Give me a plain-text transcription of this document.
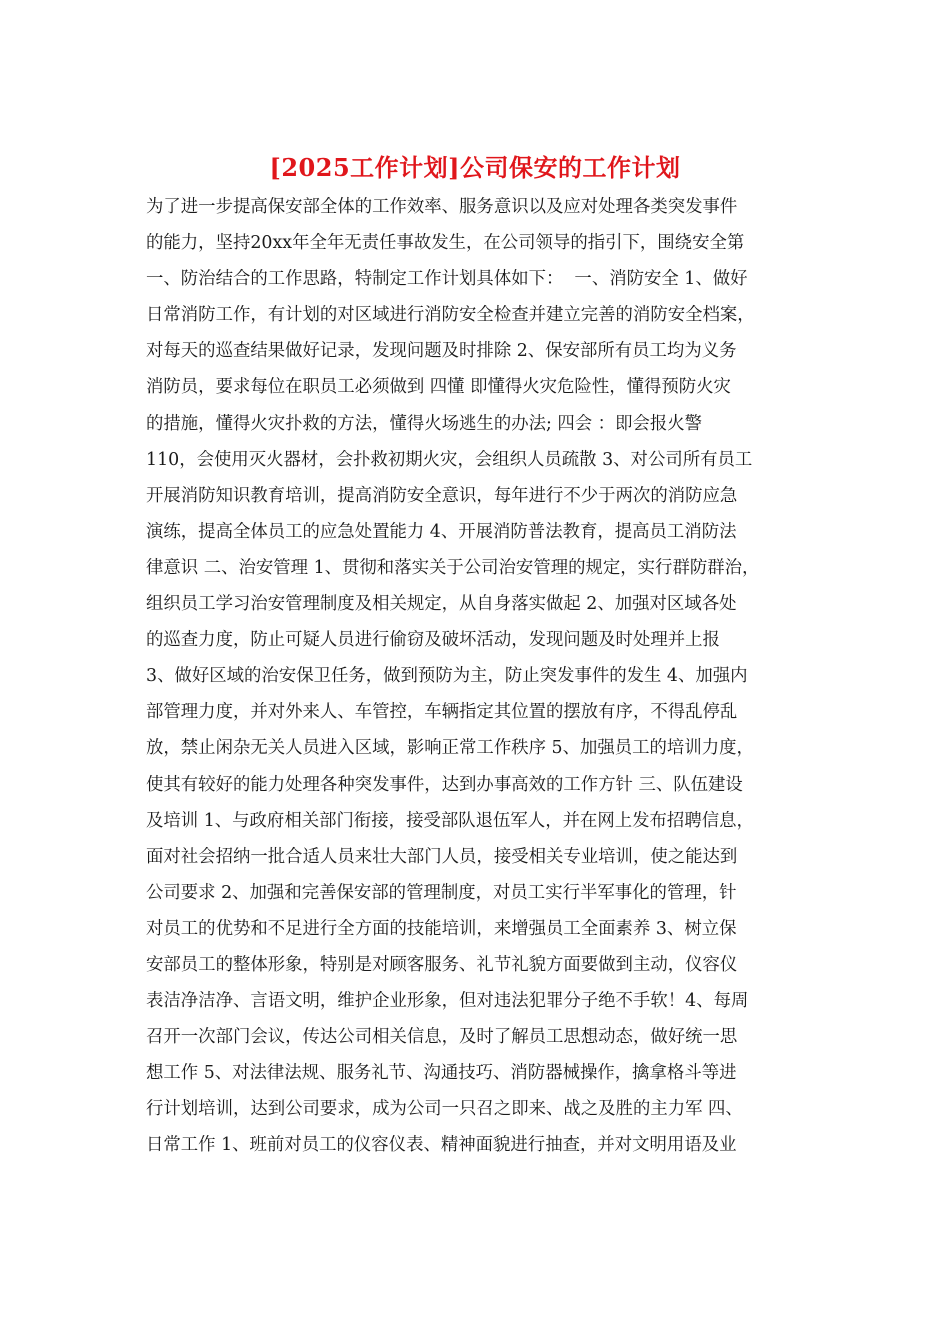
[2025工作计划]公司保安的工作计划
为了进一步提高保安部全体的工作效率、服务意识以及应对处理各类突发事件
的能力，坚持20xx年全年无责任事故发生，在公司领导的指引下，围绕安全第
一、防治结合的工作思路，特制定工作计划具体如下：  一、消防安全 1、做好
日常消防工作，有计划的对区域进行消防安全检查并建立完善的消防安全档案，
对每天的巡查结果做好记录，发现问题及时排除 2、保安部所有员工均为义务
消防员，要求每位在职员工必须做到 四懂 即懂得火灾危险性，懂得预防火灾
的措施，懂得火灾扑救的方法，懂得火场逃生的办法; 四会 ：即会报火警
110，会使用灭火器材，会扑救初期火灾，会组织人员疏散 3、对公司所有员工
开展消防知识教育培训，提高消防安全意识，每年进行不少于两次的消防应急
演练，提高全体员工的应急处置能力 4、开展消防普法教育，提高员工消防法
律意识 二、治安管理 1、贯彻和落实关于公司治安管理的规定，实行群防群治，
组织员工学习治安管理制度及相关规定，从自身落实做起 2、加强对区域各处
的巡查力度，防止可疑人员进行偷窃及破坏活动，发现问题及时处理并上报
3、做好区域的治安保卫任务，做到预防为主，防止突发事件的发生 4、加强内
部管理力度，并对外来人、车管控，车辆指定其位置的摆放有序，不得乱停乱
放，禁止闲杂无关人员进入区域，影响正常工作秩序 5、加强员工的培训力度，
使其有较好的能力处理各种突发事件，达到办事高效的工作方针 三、队伍建设
及培训 1、与政府相关部门衔接，接受部队退伍军人，并在网上发布招聘信息，
面对社会招纳一批合适人员来壮大部门人员，接受相关专业培训，使之能达到
公司要求 2、加强和完善保安部的管理制度，对员工实行半军事化的管理，针
对员工的优势和不足进行全方面的技能培训，来增强员工全面素养 3、树立保
安部员工的整体形象，特别是对顾客服务、礼节礼貌方面要做到主动，仪容仪
表洁净洁净、言语文明，维护企业形象，但对违法犯罪分子绝不手软！4、每周
召开一次部门会议，传达公司相关信息，及时了解员工思想动态，做好统一思
想工作 5、对法律法规、服务礼节、沟通技巧、消防器械操作，擒拿格斗等进
行计划培训，达到公司要求，成为公司一只召之即来、战之及胜的主力军 四、
日常工作 1、班前对员工的仪容仪表、精神面貌进行抽查，并对文明用语及业
